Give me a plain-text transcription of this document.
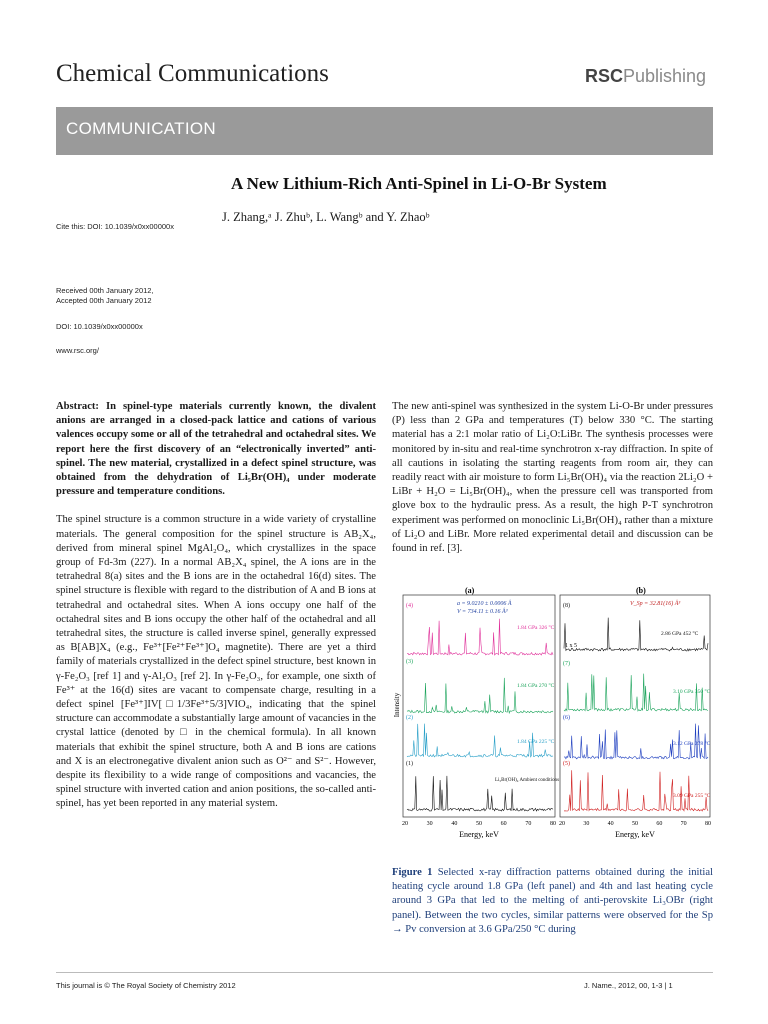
Chemical Communications	RSCPublishing
COMMUNICATION
A New Lithium-Rich Anti-Spinel in Li-O-Br System
J. Zhang,ᵃ J. Zhuᵇ, L. Wangᵇ and Y. Zhaoᵇ
Cite this: DOI: 10.1039/x0xx00000x
Received 00th January 2012,
Accepted 00th January 2012
DOI: 10.1039/x0xx00000x
www.rsc.org/

Abstract: In spinel-type materials currently known, the divalent anions are arranged in a closed-pack lattice and cations of various valences occupy some or all of the tetrahedral and octahedral sites. We report here the first discovery of an “electronically inverted” anti-spinel. The new material, crystallized in a defect spinel structure, was obtained from the dehydration of Li₅Br(OH)₄ under moderate pressure and temperature conditions.

The spinel structure is a common structure in a wide variety of crystalline materials. The general composition for the spinel structure is AB₂X₄, derived from mineral spinel MgAl₂O₄, which crystallizes in the space group of Fd-3m (227). In a normal AB₂X₄ spinel, the A ions are in the tetrahedral 8(a) sites and the B ions are in the octahedral 16(d) sites. The spinel structure is flexible with regard to the distribution of A and B ions at tetrahedral and octahedral sites. When A ions occupy one half of the octahedral sites and B ions occupy the other half of the octahedral and all tetrahedral sites, the structure is called inverse spinel, generally expressed as B[AB]X₄ (e.g., Fe³⁺[Fe²⁺Fe³⁺]O₄ magnetite). There are yet a third family of materials crystallized in the defect spinel structure, best known in γ-Fe₂O₃ [ref 1] and γ-Al₂O₃ [ref 2]. In γ-Fe₂O₃, for example, one sixth of Fe³⁺ at the 16(d) sites are vacant to compensate charge, resulting in a defect spinel [Fe³⁺]IV[□1/3Fe³⁺5/3]VIO₄, indicating that the spinel structure can accommodate a substantially large amount of vacancies in the crystal lattice (denoted by □ in the chemical formula). In all known materials that exhibit the spinel structure, both A and B ions are cations and X is an electronegative divalent anion such as O²⁻ and S²⁻. However, despite its flexibility to a wide range of compositions and vacancies, the spinel structure with inverted cation and anion positions, the so-called anti-spinel, has yet been reported in any material system.

The new anti-spinel was synthesized in the system Li-O-Br under pressures (P) less than 2 GPa and temperatures (T) below 330 °C. The starting material has a 2:1 molar ratio of Li₂O:LiBr. The synthesis processes were monitored by in-situ and real-time synchrotron x-ray diffraction. In spite of all cautions in isolating the starting reagents from room air, they can readily react with air moisture to form Li₅Br(OH)₄ via the reaction 2Li₂O + LiBr + H₂O = Li₅Br(OH)₄, when the pressure cell was transported from glove box to the hydraulic press. As a result, the high P-T synchrotron experiment was performed on monoclinic Li₅Br(OH)₄ rather than a mixture of Li₂O and LiBr. More related experimental detail and discussion can be found in ref. [3].

(a)	(b)
Intensity
20	30	40	50	60	70	80 20	30	40	50	60	70	80
Energy, keV	Energy, keV
a = 9.0210 ± 0.0006 Å
V = 734.11 ± 0.16 Å³
V_Sp = 32.81(16) Å³
1 x 5
(4)
(3)
(2)
(1)
(8)
(7)
(6)
(5)
1.84 GPa 326 °C
1.84 GPa 270 °C
1.84 GPa 225 °C
Li₅Br(OH)₄ Ambient conditions
2.86 GPa 452 °C
3.10 GPa 350 °C
3.12 GPa 278 °C
3.09 GPa 255 °C
Figure 1 Selected x-ray diffraction patterns obtained during the initial heating cycle around 1.8 GPa (left panel) and 4th and last heating cycle around 3 GPa that led to the melting of anti-perovskite Li₃OBr (right panel). Between the two cycles, similar patterns were observed for the Sp → Pv conversion at 3.6 GPa/250 °C during
This journal is © The Royal Society of Chemistry 2012	J. Name., 2012, 00, 1-3 | 1
